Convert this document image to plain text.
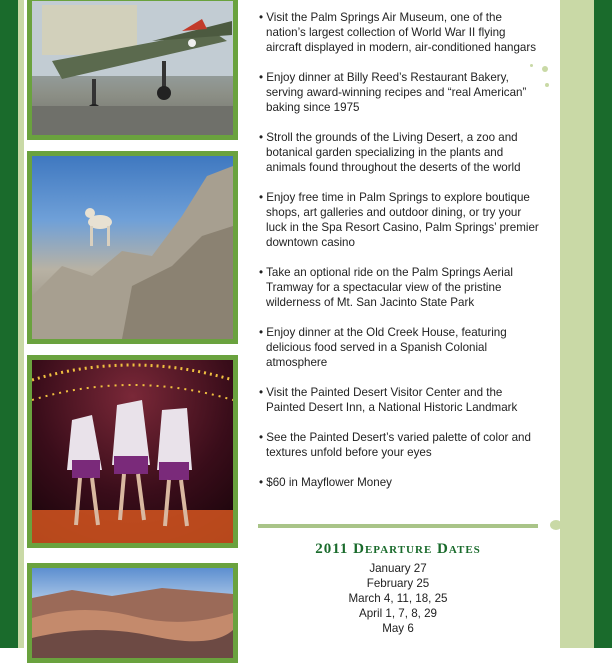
• Visit the Palm Springs Air Museum, one of the nation’s largest collection of World War II flying aircraft displayed in modern, air-conditioned hangars

• Enjoy dinner at Billy Reed’s Restaurant Bakery, serving award-winning recipes and “real American” baking since 1975

• Stroll the grounds of the Living Desert, a zoo and botanical garden specializing in the plants and animals found throughout the deserts of the world

• Enjoy free time in Palm Springs to explore boutique shops, art galleries and outdoor dining, or try your luck in the Spa Resort Casino, Palm Springs’ premier downtown casino

• Take an optional ride on the Palm Springs Aerial Tramway for a spectacular view of the pristine wilderness of Mt. San Jacinto State Park

• Enjoy dinner at the Old Creek House, featuring delicious food served in a Spanish Colonial atmosphere

• Visit the Painted Desert Visitor Center and the Painted Desert Inn, a National Historic Landmark

• See the Painted Desert’s varied palette of color and textures unfold before your eyes

• $60 in Mayflower Money

2011 Departure Dates
January 27
February 25
March 4, 11, 18, 25
April 1, 7, 8, 29
May 6
